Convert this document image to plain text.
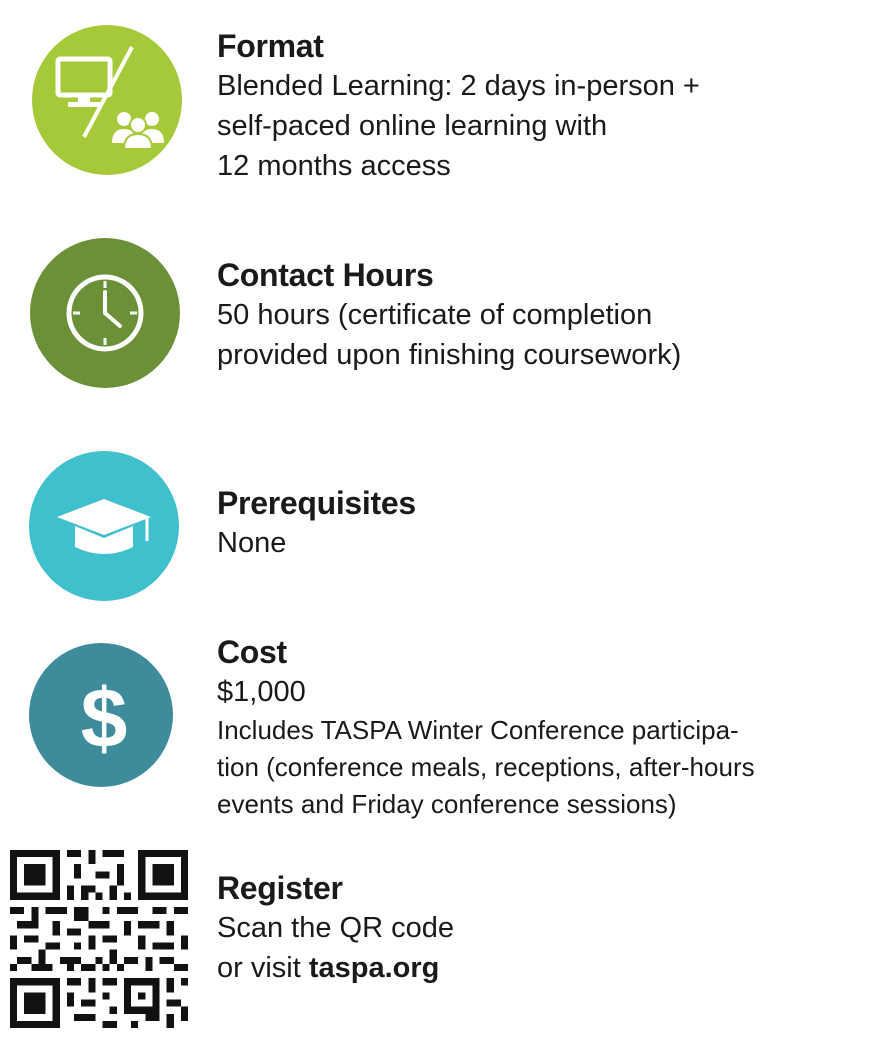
Format
Blended Learning: 2 days in-person +
self-paced online learning with
12 months access
Contact Hours
50 hours (certificate of completion
provided upon finishing coursework)
Prerequisites
None
$
Cost
$1,000
Includes TASPA Winter Conference participa-
tion (conference meals, receptions, after-hours
events and Friday conference sessions)
Register
Scan the QR code
or visit taspa.org
